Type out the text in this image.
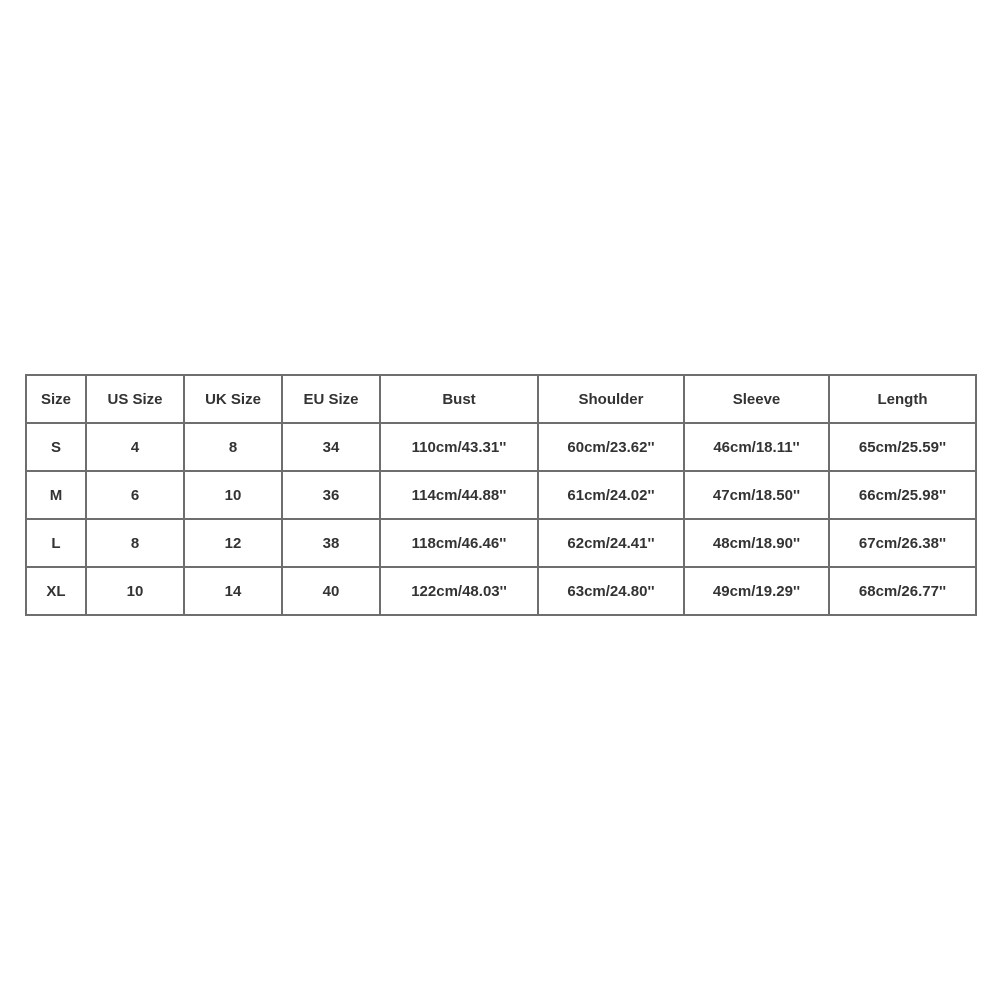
Size	US Size	UK Size	EU Size	Bust	Shoulder	Sleeve	Length
S	4	8	34	110cm/43.31''	60cm/23.62''	46cm/18.11''	65cm/25.59''
M	6	10	36	114cm/44.88''	61cm/24.02''	47cm/18.50''	66cm/25.98''
L	8	12	38	118cm/46.46''	62cm/24.41''	48cm/18.90''	67cm/26.38''
XL	10	14	40	122cm/48.03''	63cm/24.80''	49cm/19.29''	68cm/26.77''
